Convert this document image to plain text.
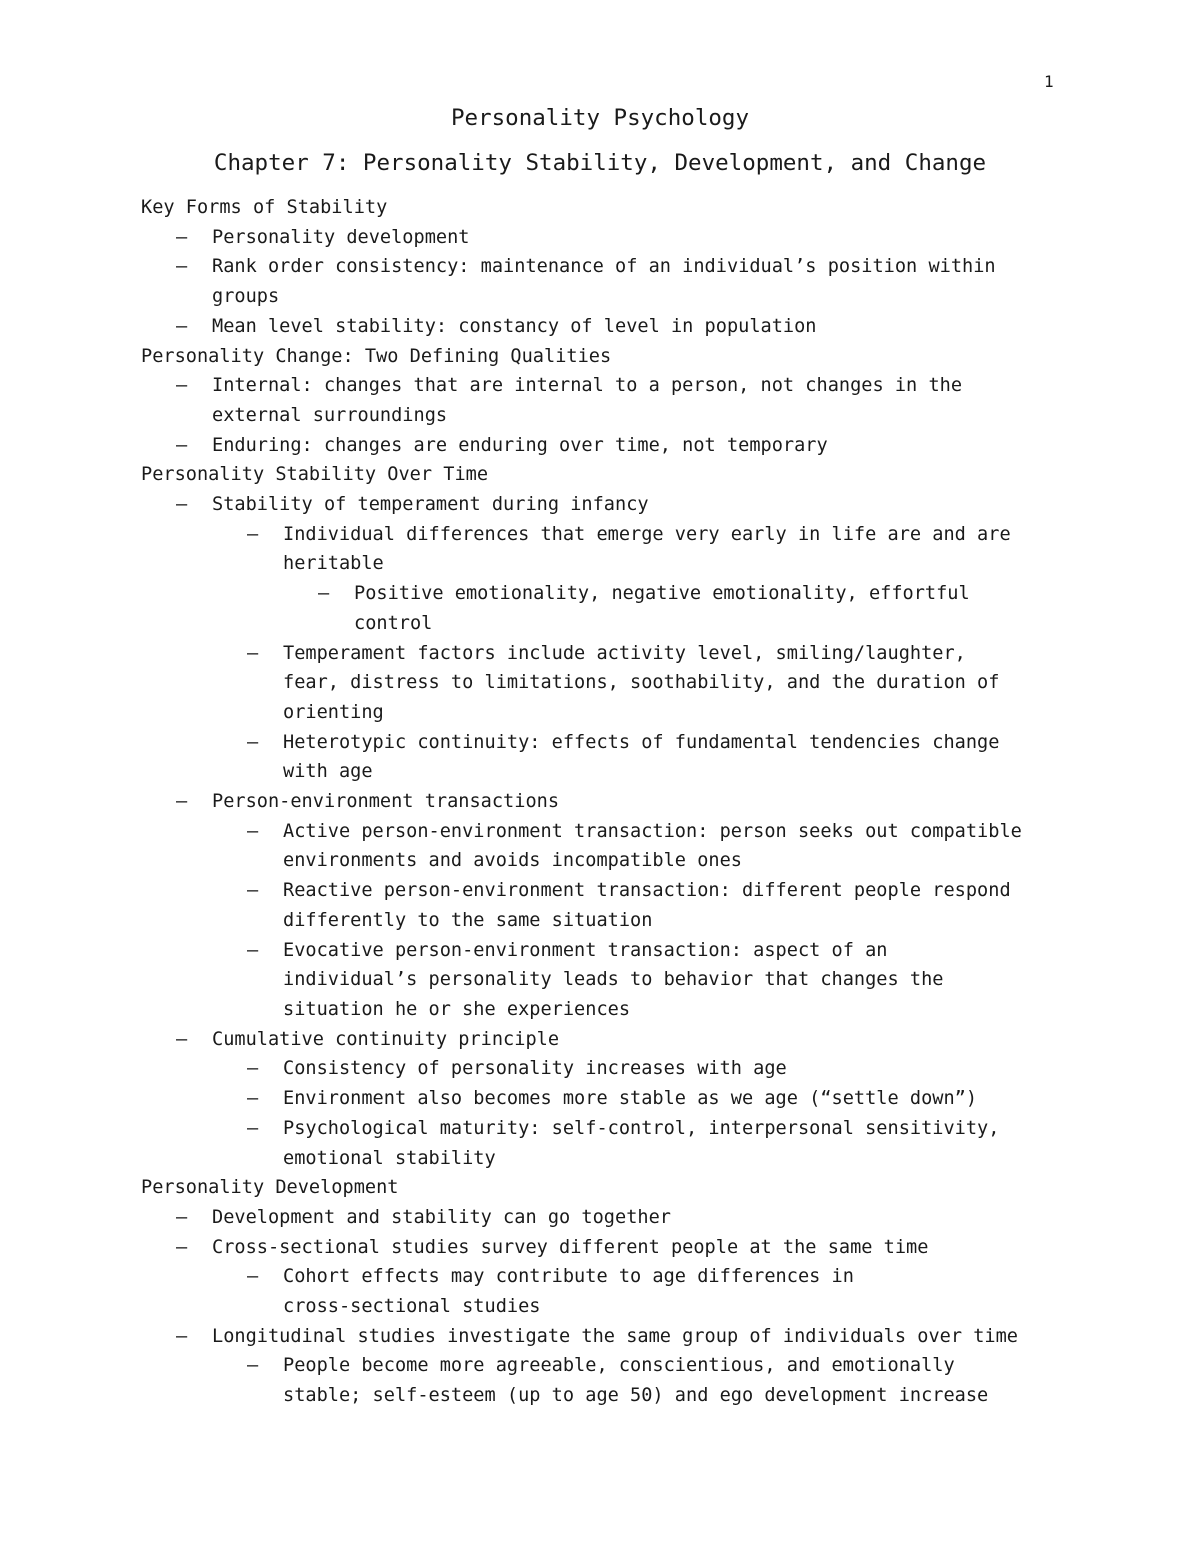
1
Personality Psychology
Chapter 7: Personality Stability, Development, and Change
Key Forms of Stability
– Personality development
– Rank order consistency: maintenance of an individual’s position within
groups
– Mean level stability: constancy of level in population
Personality Change: Two Defining Qualities
– Internal: changes that are internal to a person, not changes in the
external surroundings
– Enduring: changes are enduring over time, not temporary
Personality Stability Over Time
– Stability of temperament during infancy
– Individual differences that emerge very early in life are and are
heritable
– Positive emotionality, negative emotionality, effortful
control
– Temperament factors include activity level, smiling/laughter,
fear, distress to limitations, soothability, and the duration of
orienting
– Heterotypic continuity: effects of fundamental tendencies change
with age
– Person-environment transactions
– Active person-environment transaction: person seeks out compatible
environments and avoids incompatible ones
– Reactive person-environment transaction: different people respond
differently to the same situation
– Evocative person-environment transaction: aspect of an
individual’s personality leads to behavior that changes the
situation he or she experiences
– Cumulative continuity principle
– Consistency of personality increases with age
– Environment also becomes more stable as we age (“settle down”)
– Psychological maturity: self-control, interpersonal sensitivity,
emotional stability
Personality Development
– Development and stability can go together
– Cross-sectional studies survey different people at the same time
– Cohort effects may contribute to age differences in
cross-sectional studies
– Longitudinal studies investigate the same group of individuals over time
– People become more agreeable, conscientious, and emotionally
stable; self-esteem (up to age 50) and ego development increase
